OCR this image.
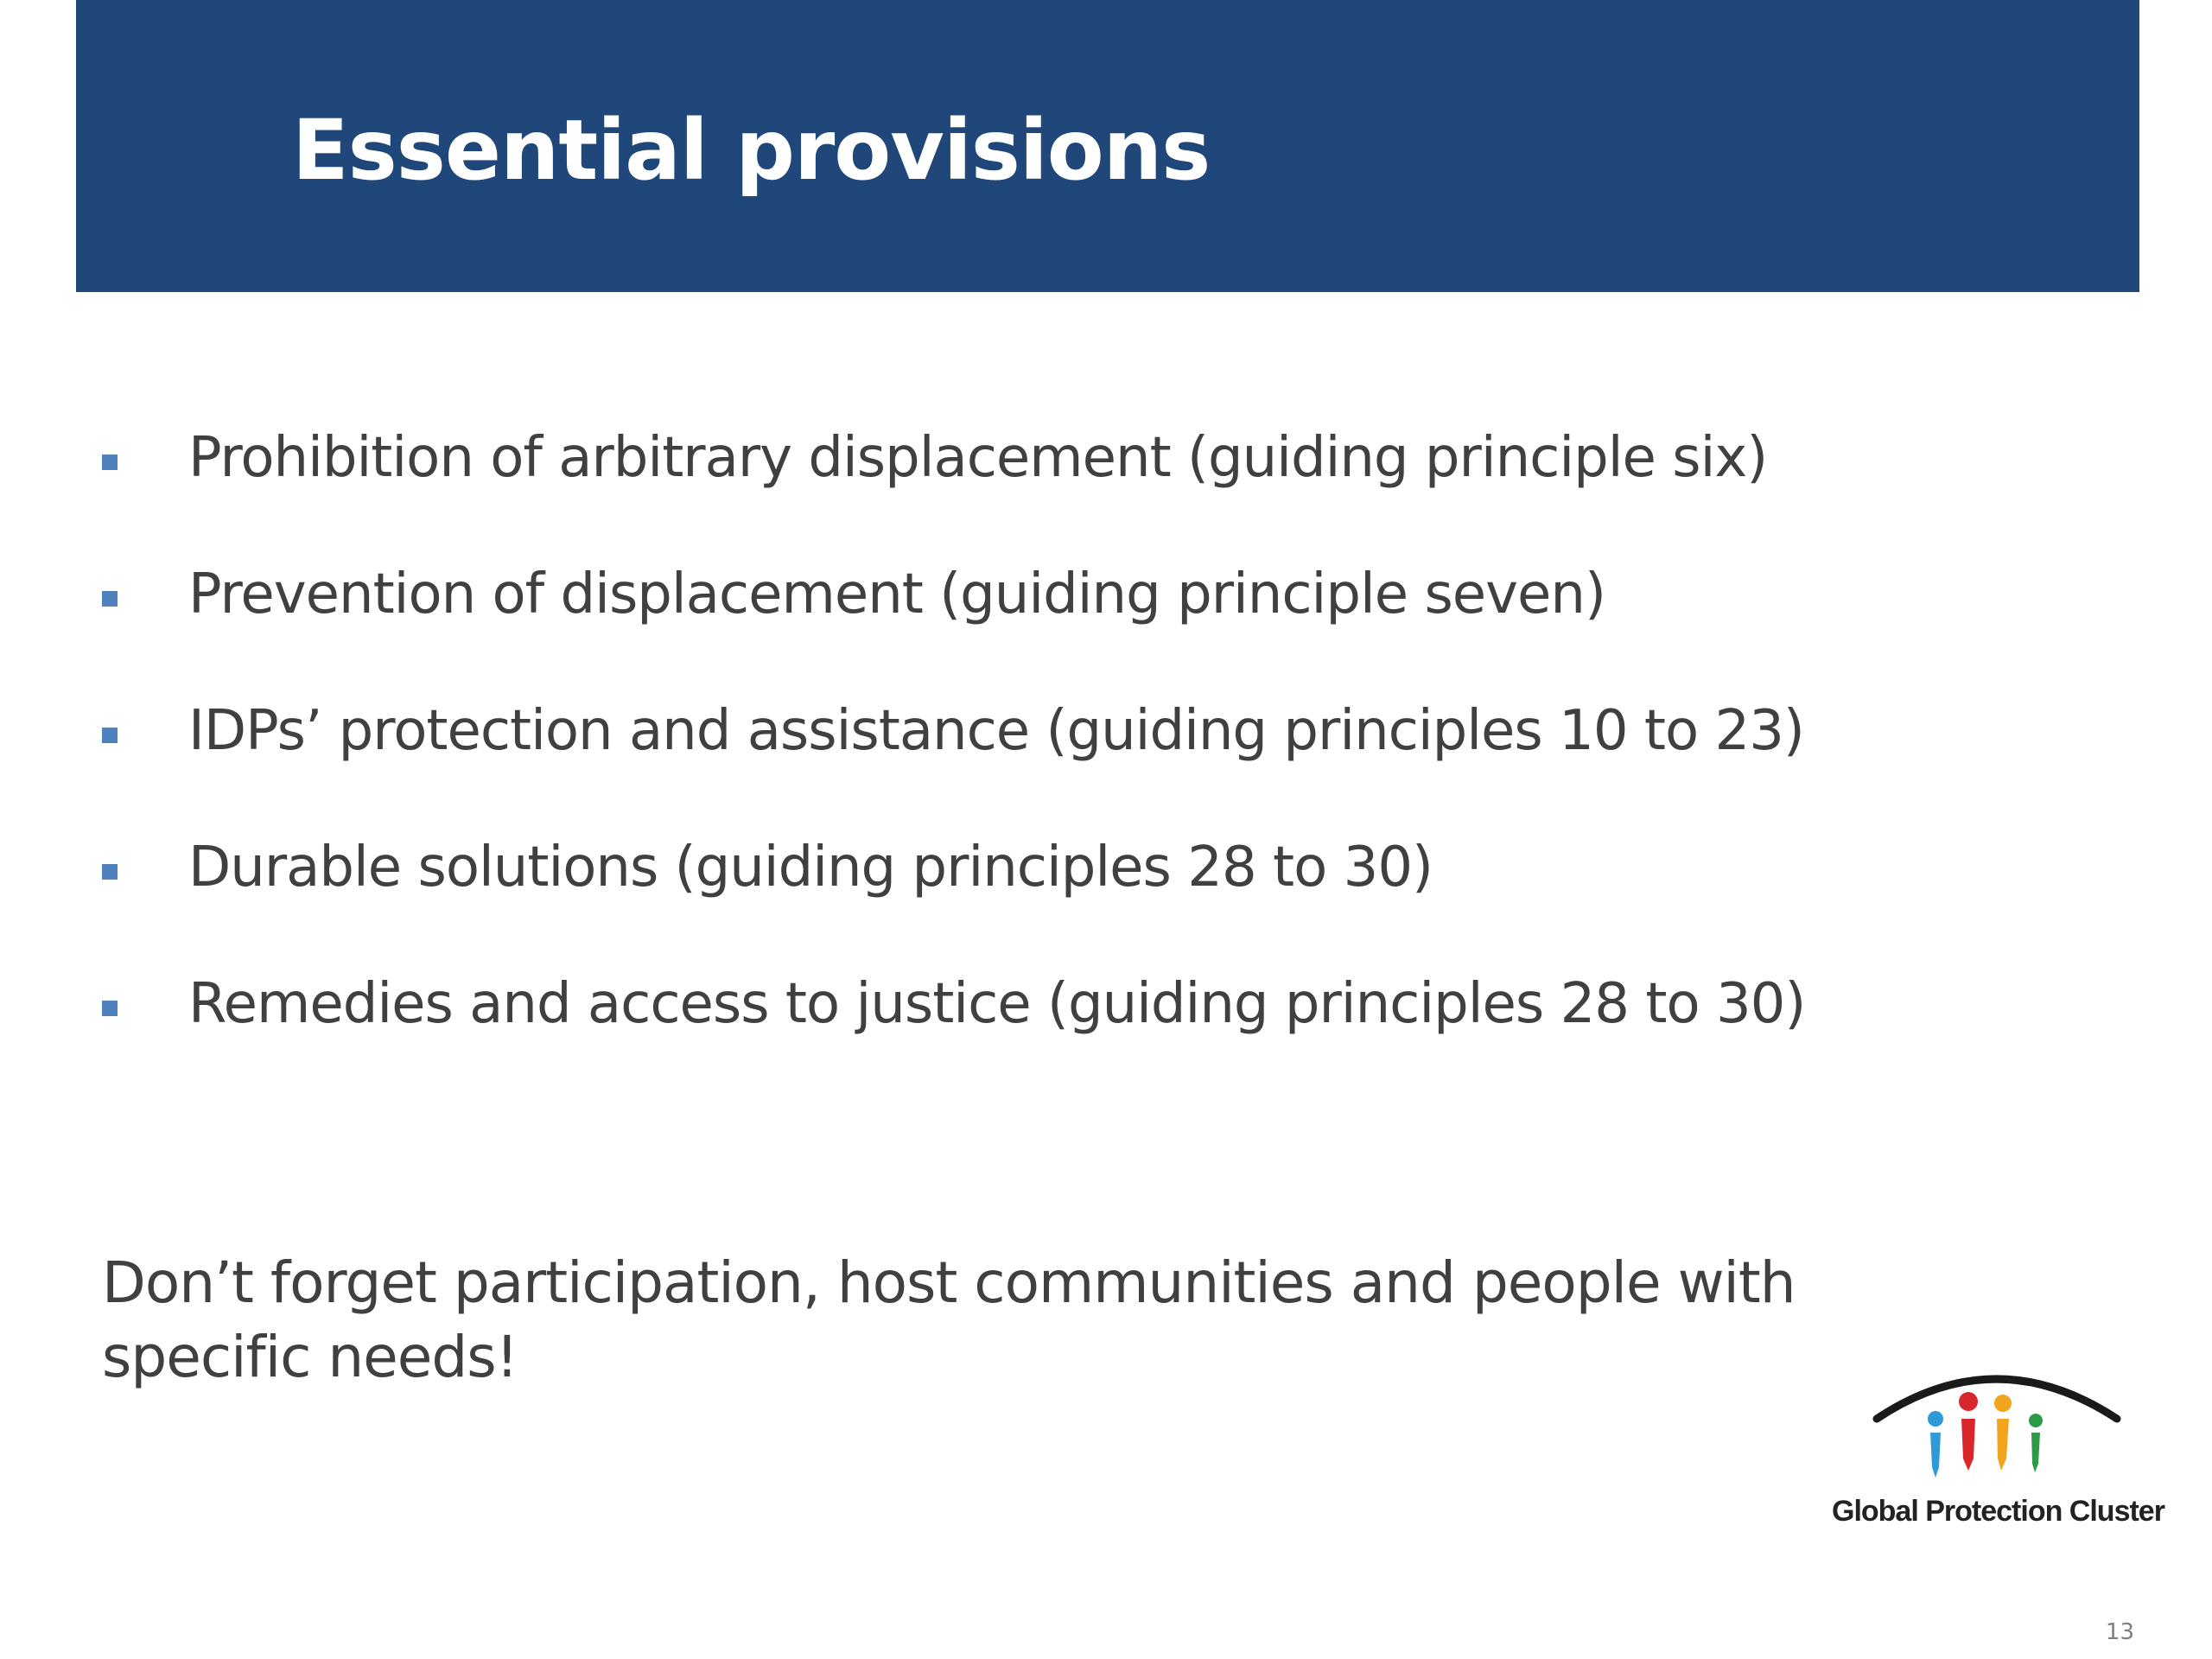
Essential provisions
Prohibition of arbitrary displacement (guiding principle six)
Prevention of displacement (guiding principle seven)
IDPs’ protection and assistance (guiding principles 10 to 23)
Durable solutions (guiding principles 28 to 30)
Remedies and access to justice (guiding principles 28 to 30)

Don’t forget participation, host communities and people with specific needs!

Global Protection Cluster
13
